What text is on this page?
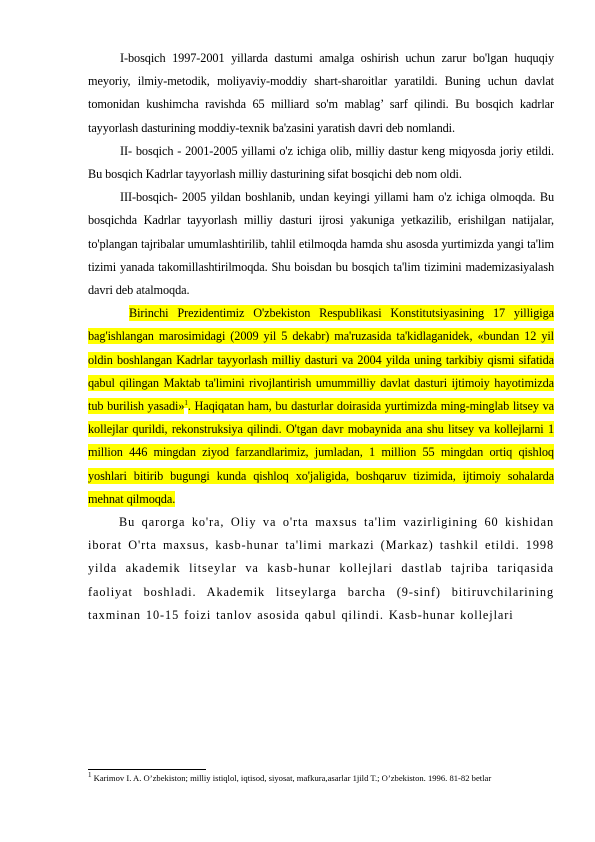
I-bosqich 1997-2001 yillarda dastumi amalga oshirish uchun zarur bo'lgan huquqiy meyoriy, ilmiy-metodik, moliyaviy-moddiy shart-sharoitlar yaratildi. Buning uchun davlat tomonidan kushimcha ravishda 65 milliard so'm mablag’ sarf qilindi. Bu bosqich kadrlar tayyorlash dasturining moddiy-texnik ba'zasini yaratish davri deb nomlandi.

II- bosqich - 2001-2005 yillami o'z ichiga olib, milliy dastur keng miqyosda joriy etildi. Bu bosqich Kadrlar tayyorlash milliy dasturining sifat bosqichi deb nom oldi.

III-bosqich- 2005 yildan boshlanib, undan keyingi yillami ham o'z ichiga olmoqda. Bu bosqichda Kadrlar tayyorlash milliy dasturi ijrosi yakuniga yetkazilib, erishilgan natijalar, to'plangan tajribalar umumlashtirilib, tahlil etilmoqda hamda shu asosda yurtimizda yangi ta'lim tizimi yanada takomillashtirilmoqda. Shu boisdan bu bosqich ta'lim tizimini mademizasiyalash davri deb atalmoqda.

Birinchi Prezidentimiz O'zbekiston Respublikasi Konstitutsiyasining 17 yilligiga bag'ishlangan marosimidagi (2009 yil 5 dekabr) ma'ruzasida ta'kidlaganidek, «bundan 12 yil oldin boshlangan Kadrlar tayyorlash milliy dasturi va 2004 yilda uning tarkibiy qismi sifatida qabul qilingan Maktab ta'limini rivojlantirish umummilliy davlat dasturi ijtimoiy hayotimizda tub burilish yasadi»$^1$. Haqiqatan ham, bu dasturlar doirasida yurtimizda ming-minglab litsey va kollejlar qurildi, rekonstruksiya qilindi. O'tgan davr mobaynida ana shu litsey va kollejlarni 1 million 446 mingdan ziyod farzandlarimiz, jumladan, 1 million 55 mingdan ortiq qishloq yoshlari bitirib bugungi kunda qishloq xo'jaligida, boshqaruv tizimida, ijtimoiy sohalarda mehnat qilmoqda.

Bu qarorga ko'ra, Oliy va o'rta maxsus ta'lim vazirligining 60 kishidan iborat O'rta maxsus, kasb-hunar ta'limi markazi (Markaz) tashkil etildi. 1998 yilda akademik litseylar va kasb-hunar kollejlari dastlab tajriba tariqasida faoliyat boshladi. Akademik litseylarga barcha (9-sinf) bitiruvchilarining taxminan 10-15 foizi tanlov asosida qabul qilindi. Kasb-hunar kollejlari

$^1$ Karimov I. A. O’zbekiston; milliy istiqlol, iqtisod, siyosat, mafkura,asarlar 1jild T.; O’zbekiston. 1996. 81-82 betlar
